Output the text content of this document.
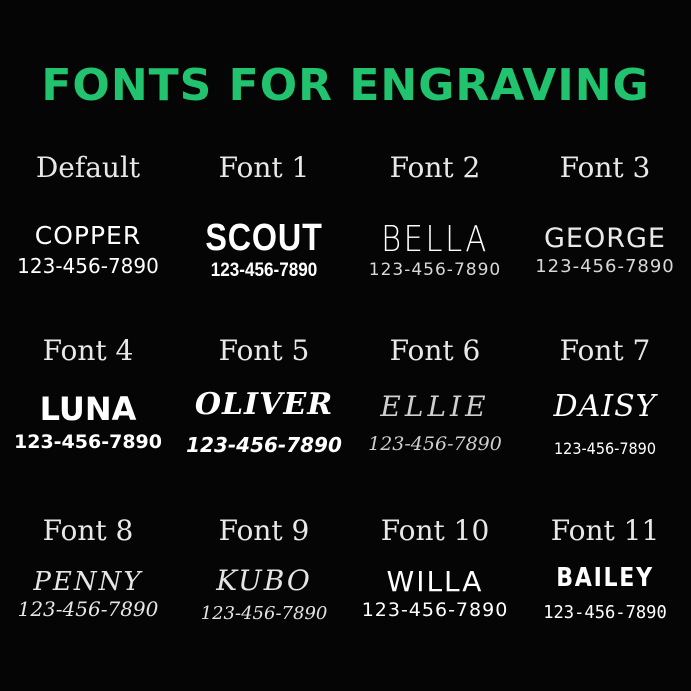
FONTS FOR ENGRAVING
Default
COPPER
123-456-7890
Font 1
SCOUT
123-456-7890
Font 2
BELLA
123-456-7890
Font 3
GEORGE
123-456-7890
Font 4
LUNA
123-456-7890
Font 5
OLIVER
123-456-7890
Font 6
ELLIE
123-456-7890
Font 7
DAISY
123-456-7890
Font 8
PENNY
123-456-7890
Font 9
KUBO
123-456-7890
Font 10
WILLA
123-456-7890
Font 11
BAILEY
123-456-7890
